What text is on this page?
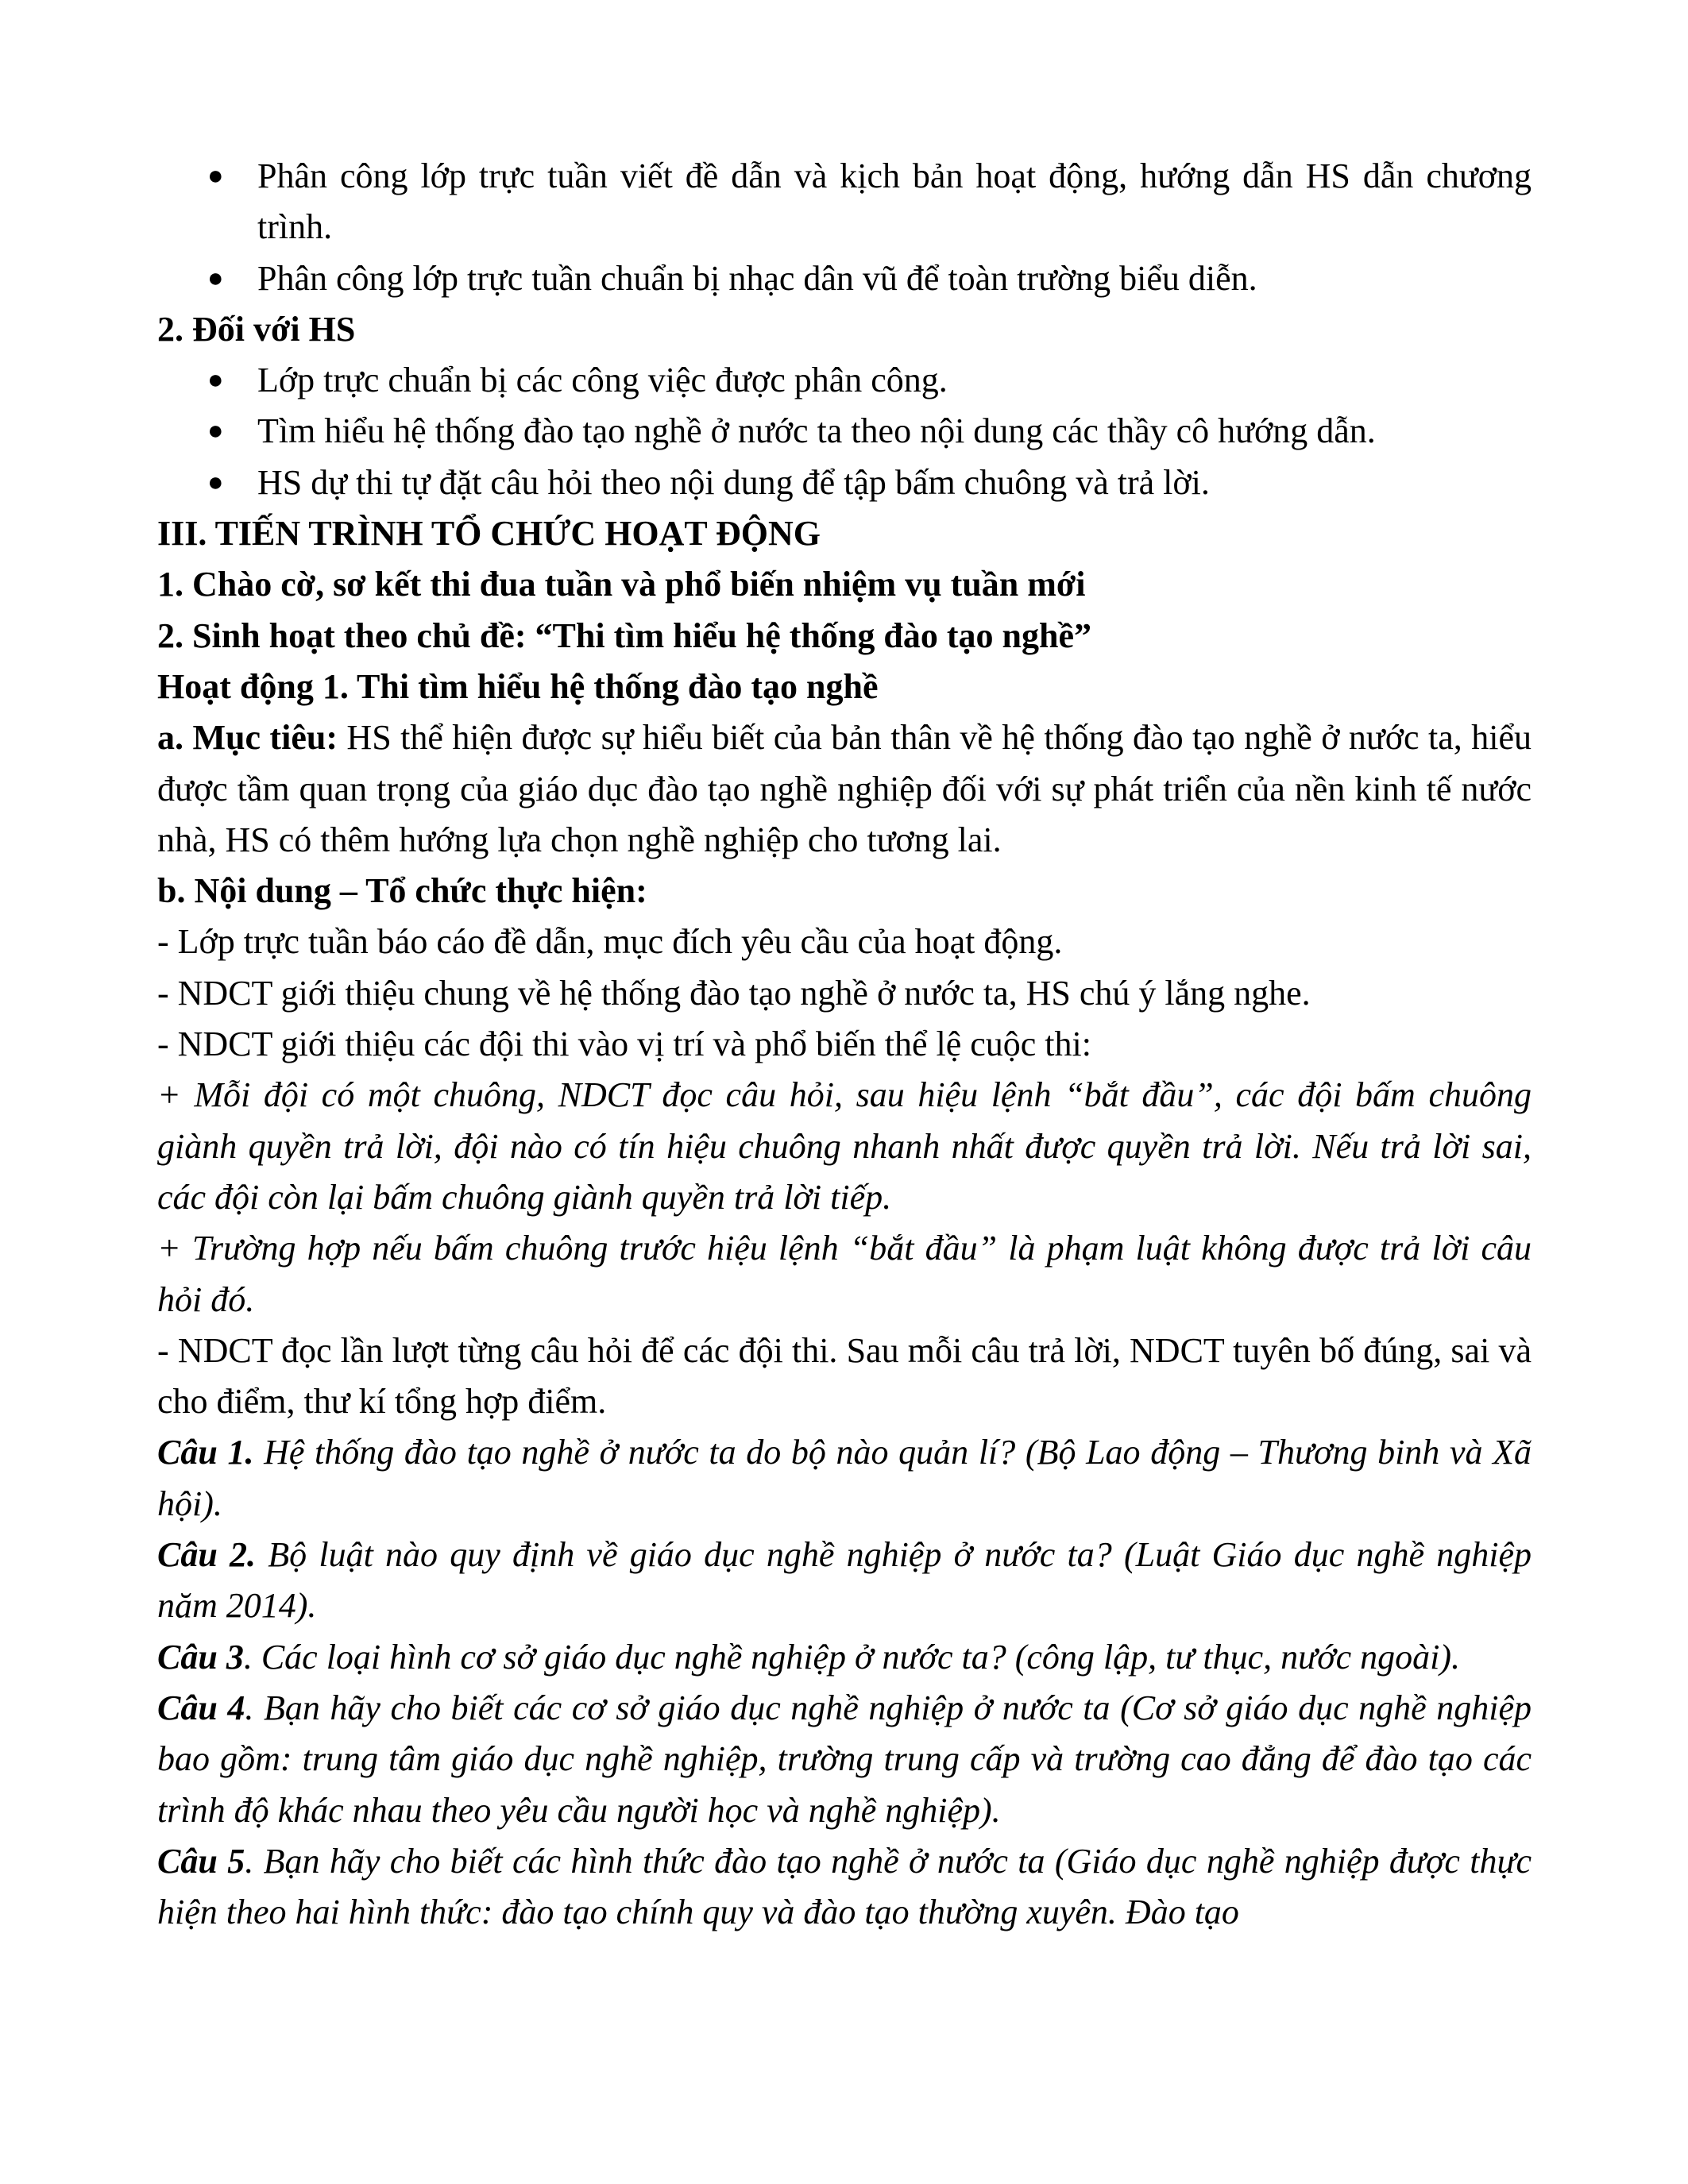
● Phân công lớp trực tuần viết đề dẫn và kịch bản hoạt động, hướng dẫn HS dẫn chương trình.
● Phân công lớp trực tuần chuẩn bị nhạc dân vũ để toàn trường biểu diễn.

2. Đối với HS

● Lớp trực chuẩn bị các công việc được phân công.
● Tìm hiểu hệ thống đào tạo nghề ở nước ta theo nội dung các thầy cô hướng dẫn.
● HS dự thi tự đặt câu hỏi theo nội dung để tập bấm chuông và trả lời.

III. TIẾN TRÌNH TỔ CHỨC HOẠT ĐỘNG

1. Chào cờ, sơ kết thi đua tuần và phổ biến nhiệm vụ tuần mới

2. Sinh hoạt theo chủ đề: “Thi tìm hiểu hệ thống đào tạo nghề”

Hoạt động 1. Thi tìm hiểu hệ thống đào tạo nghề

a. Mục tiêu: HS thể hiện được sự hiểu biết của bản thân về hệ thống đào tạo nghề ở nước ta, hiểu được tầm quan trọng của giáo dục đào tạo nghề nghiệp đối với sự phát triển của nền kinh tế nước nhà, HS có thêm hướng lựa chọn nghề nghiệp cho tương lai.

b. Nội dung – Tổ chức thực hiện:

- Lớp trực tuần báo cáo đề dẫn, mục đích yêu cầu của hoạt động.

- NDCT giới thiệu chung về hệ thống đào tạo nghề ở nước ta, HS chú ý lắng nghe.

- NDCT giới thiệu các đội thi vào vị trí và phổ biến thể lệ cuộc thi:

+ Mỗi đội có một chuông, NDCT đọc câu hỏi, sau hiệu lệnh “bắt đầu”, các đội bấm chuông giành quyền trả lời, đội nào có tín hiệu chuông nhanh nhất được quyền trả lời. Nếu trả lời sai, các đội còn lại bấm chuông giành quyền trả lời tiếp.

+ Trường hợp nếu bấm chuông trước hiệu lệnh “bắt đầu” là phạm luật không được trả lời câu hỏi đó.

- NDCT đọc lần lượt từng câu hỏi để các đội thi. Sau mỗi câu trả lời, NDCT tuyên bố đúng, sai và cho điểm, thư kí tổng hợp điểm.

Câu 1. Hệ thống đào tạo nghề ở nước ta do bộ nào quản lí? (Bộ Lao động – Thương binh và Xã hội).

Câu 2. Bộ luật nào quy định về giáo dục nghề nghiệp ở nước ta? (Luật Giáo dục nghề nghiệp năm 2014).

Câu 3. Các loại hình cơ sở giáo dục nghề nghiệp ở nước ta? (công lập, tư thục, nước ngoài).

Câu 4. Bạn hãy cho biết các cơ sở giáo dục nghề nghiệp ở nước ta (Cơ sở giáo dục nghề nghiệp bao gồm: trung tâm giáo dục nghề nghiệp, trường trung cấp và trường cao đẳng để đào tạo các trình độ khác nhau theo yêu cầu người học và nghề nghiệp).

Câu 5. Bạn hãy cho biết các hình thức đào tạo nghề ở nước ta (Giáo dục nghề nghiệp được thực hiện theo hai hình thức: đào tạo chính quy và đào tạo thường xuyên. Đào tạo
